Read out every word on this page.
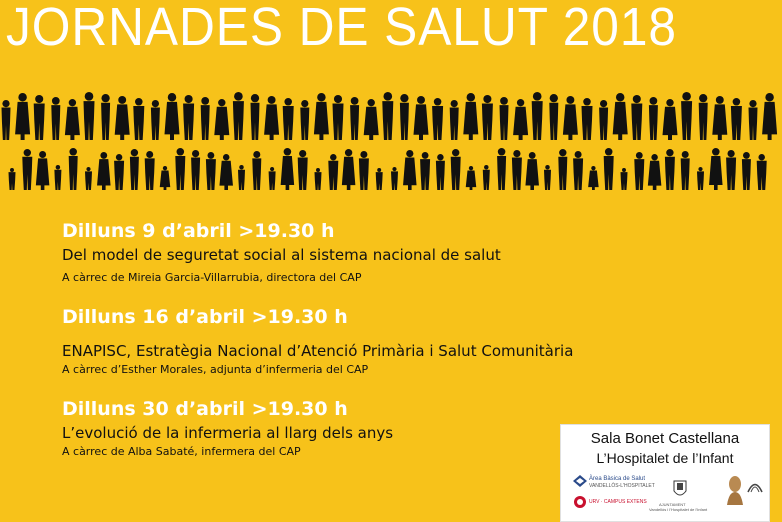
JORNADES DE SALUT 2018
Dilluns 9 d’abril >19.30 h
Del model de seguretat social al sistema nacional de salut
A càrrec de Mireia Garcia-Villarrubia, directora del CAP
Dilluns 16 d’abril >19.30 h
ENAPISC, Estratègia Nacional d’Atenció Primària i Salut Comunitària
A càrrec d’Esther Morales, adjunta d’infermeria del CAP
Dilluns 30 d’abril >19.30 h
L’evolució de la infermeria al llarg dels anys
A càrrec de Alba Sabaté, infermera del CAP
Sala Bonet Castellana
L’Hospitalet de l’Infant
Àrea Bàsica de Salut
VANDELLÒS-L'HOSPITALET
URV · CAMPUS EXTENS	AJUNTAMENT
Vandellòs i l'Hospitalet de l'Infant
